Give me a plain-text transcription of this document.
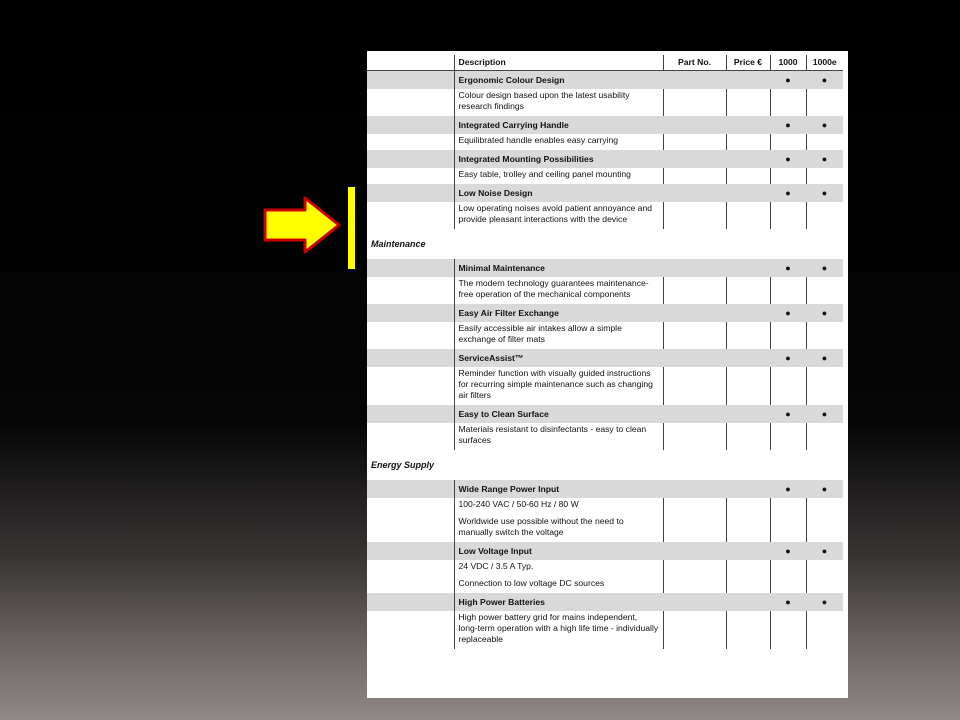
	Description	Part No.	Price €	1000	1000e
	Ergonomic Colour Design			●	●

	Colour design based upon the latest usability research findings				

	Integrated Carrying Handle			●	●

	Equilibrated handle enables easy carrying				

	Integrated Mounting Possibilities			●	●

	Easy table, trolley and ceiling panel mounting				

	Low Noise Design			●	●

	Low operating noises avoid patient annoyance and provide pleasant interactions with the device				

Maintenance					
	Minimal Maintenance			●	●

	The modern technology guarantees maintenance-free operation of the mechanical components				

	Easy Air Filter Exchange			●	●

	Easily accessible air intakes allow a simple exchange of filter mats				

	ServiceAssist™			●	●

	Reminder function with visually guided instructions for recurring simple maintenance such as changing air filters				

	Easy to Clean Surface			●	●

	Materials resistant to disinfectants - easy to clean surfaces				

Energy Supply					
	Wide Range Power Input			●	●

	100-240 VAC / 50-60 Hz / 80 W

Worldwide use possible without the need to manually switch the voltage				

	Low Voltage Input			●	●

	24 VDC / 3.5 A Typ.

Connection to low voltage DC sources				

	High Power Batteries			●	●

	High power battery grid for mains independent, long-term operation with a high life time - individually replaceable				
